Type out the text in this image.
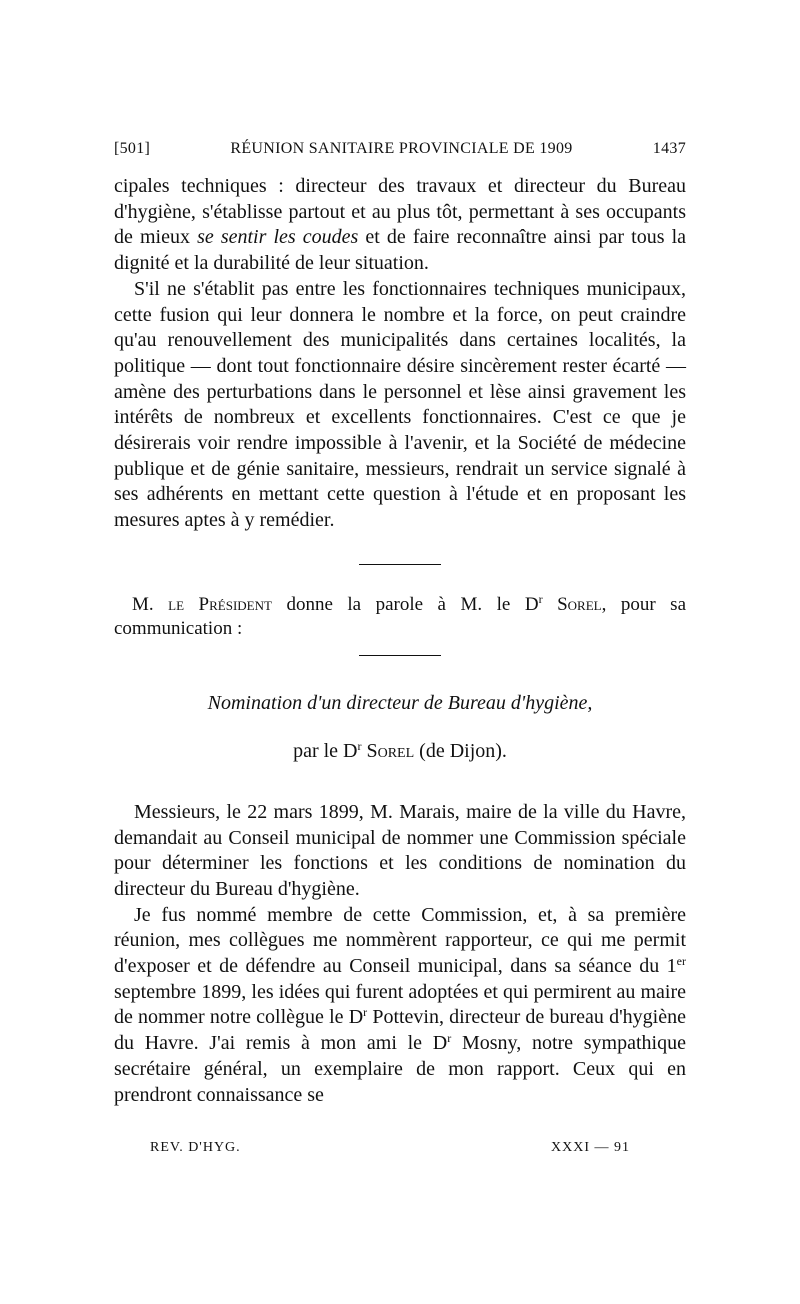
[501]	RÉUNION SANITAIRE PROVINCIALE DE 1909	1437

cipales techniques : directeur des travaux et directeur du Bureau d'hygiène, s'établisse partout et au plus tôt, permettant à ses occupants de mieux se sentir les coudes et de faire reconnaître ainsi par tous la dignité et la durabilité de leur situation.

S'il ne s'établit pas entre les fonctionnaires techniques municipaux, cette fusion qui leur donnera le nombre et la force, on peut craindre qu'au renouvellement des municipalités dans certaines localités, la politique — dont tout fonctionnaire désire sincèrement rester écarté — amène des perturbations dans le personnel et lèse ainsi gravement les intérêts de nombreux et excellents fonctionnaires. C'est ce que je désirerais voir rendre impossible à l'avenir, et la Société de médecine publique et de génie sanitaire, messieurs, rendrait un service signalé à ses adhérents en mettant cette question à l'étude et en proposant les mesures aptes à y remédier.

M. le Président donne la parole à M. le $D^r$ Sorel, pour sa communication :

Nomination d'un directeur de Bureau d'hygiène,

par le $D^r$ Sorel (de Dijon).

Messieurs, le 22 mars 1899, M. Marais, maire de la ville du Havre, demandait au Conseil municipal de nommer une Commission spéciale pour déterminer les fonctions et les conditions de nomination du directeur du Bureau d'hygiène.

Je fus nommé membre de cette Commission, et, à sa première réunion, mes collègues me nommèrent rapporteur, ce qui me permit d'exposer et de défendre au Conseil municipal, dans sa séance du 1er septembre 1899, les idées qui furent adoptées et qui permirent au maire de nommer notre collègue le $D^r$ Pottevin, directeur de bureau d'hygiène du Havre. J'ai remis à mon ami le $D^r$ Mosny, notre sympathique secrétaire général, un exemplaire de mon rapport. Ceux qui en prendront connaissance se

REV. D'HYG.	XXXI — 91
